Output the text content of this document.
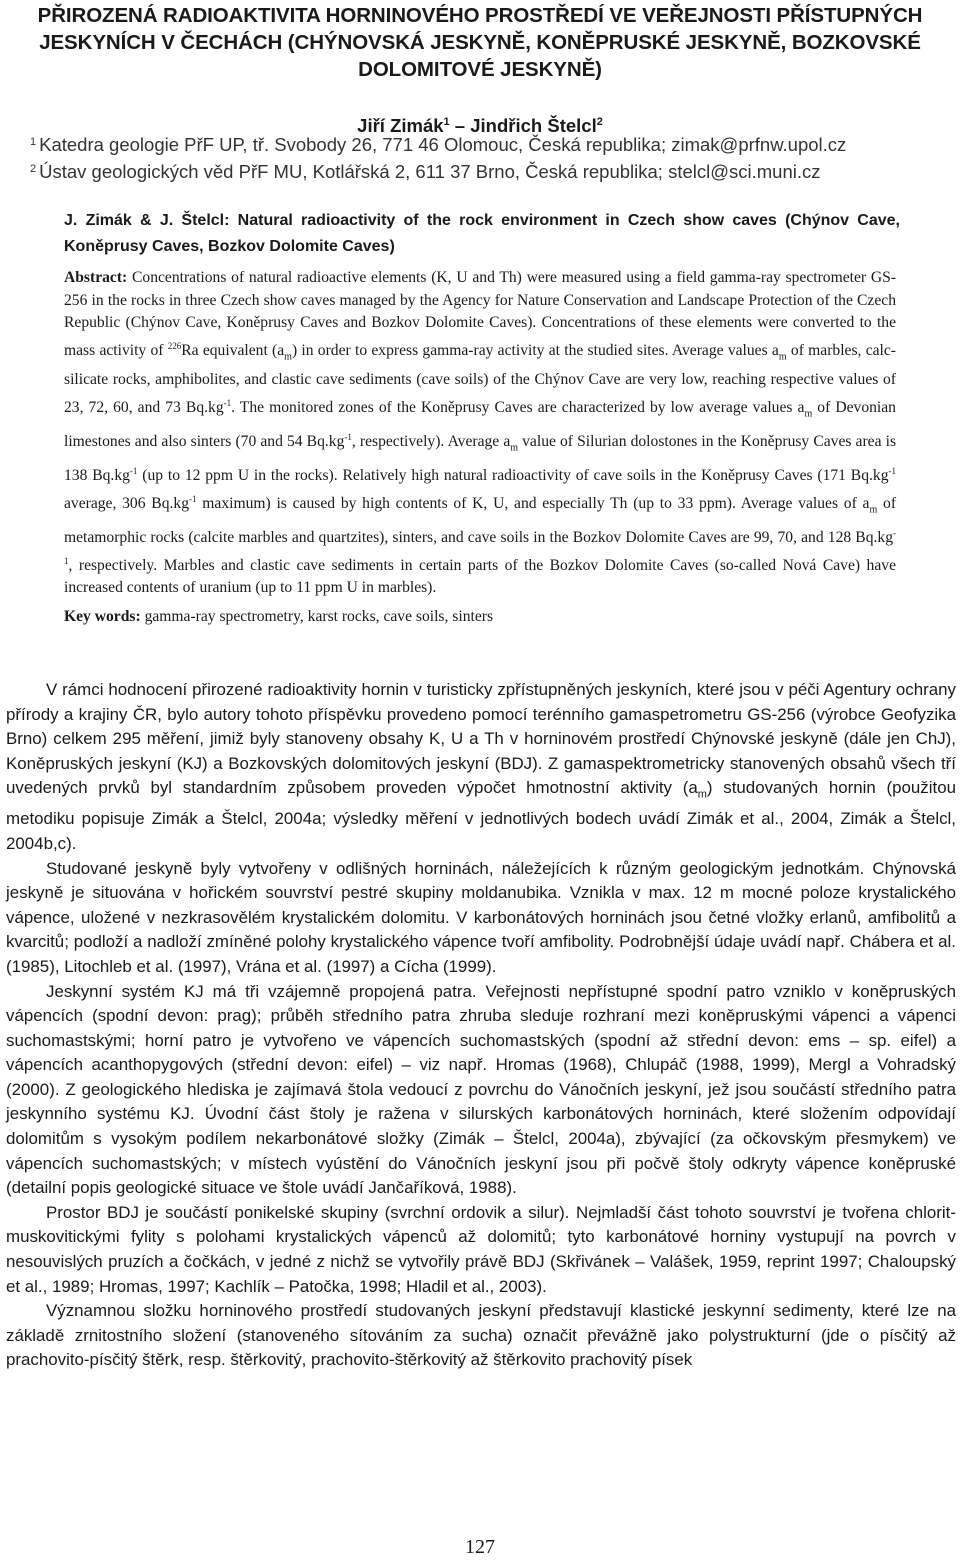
PŘIROZENÁ RADIOAKTIVITA HORNINOVÉHO PROSTŘEDÍ VE VEŘEJNOSTI PŘÍSTUPNÝCH JESKYNÍCH V ČECHÁCH (CHÝNOVSKÁ JESKYNĚ, KONĚPRUSKÉ JESKYNĚ, BOZKOVSKÉ DOLOMITOVÉ JESKYNĚ)
Jiří Zimák$^1$ – Jindřich Štelcl$^2$
$^1$ Katedra geologie PřF UP, tř. Svobody 26, 771 46 Olomouc, Česká republika; zimak@prfnw.upol.cz
$^2$ Ústav geologických věd PřF MU, Kotlářská 2, 611 37 Brno, Česká republika; stelcl@sci.muni.cz
J. Zimák & J. Štelcl: Natural radioactivity of the rock environment in Czech show caves (Chýnov Cave, Koněprusy Caves, Bozkov Dolomite Caves)
Abstract: Concentrations of natural radioactive elements (K, U and Th) were measured using a field gamma-ray spectrometer GS-256 in the rocks in three Czech show caves managed by the Agency for Nature Conservation and Landscape Protection of the Czech Republic (Chýnov Cave, Koněprusy Caves and Bozkov Dolomite Caves). Concentrations of these elements were converted to the mass activity of $^{226}$Ra equivalent $(a_m)$ in order to express gamma-ray activity at the studied sites. Average values $a_m$ of marbles, calc-silicate rocks, amphibolites, and clastic cave sediments (cave soils) of the Chýnov Cave are very low, reaching respective values of 23, 72, 60, and 73 $Bq.kg^{-1}$. The monitored zones of the Koněprusy Caves are characterized by low average values $a_m$ of Devonian limestones and also sinters (70 and 54 $Bq.kg^{-1}$, respectively). Average $a_m$ value of Silurian dolostones in the Koněprusy Caves area is 138 $Bq.kg^{-1}$ (up to 12 ppm U in the rocks). Relatively high natural radioactivity of cave soils in the Koněprusy Caves (171 $Bq.kg^{-1}$ average, 306 $Bq.kg^{-1}$ maximum) is caused by high contents of K, U, and especially Th (up to 33 ppm). Average values of $a_m$ of metamorphic rocks (calcite marbles and quartzites), sinters, and cave soils in the Bozkov Dolomite Caves are 99, 70, and 128 $Bq.kg^{-1}$, respectively. Marbles and clastic cave sediments in certain parts of the Bozkov Dolomite Caves (so-called Nová Cave) have increased contents of uranium (up to 11 ppm U in marbles).
Key words: gamma-ray spectrometry, karst rocks, cave soils, sinters

V rámci hodnocení přirozené radioaktivity hornin v turisticky zpřístupněných jeskyních, které jsou v péči Agentury ochrany přírody a krajiny ČR, bylo autory tohoto příspěvku provedeno pomocí terénního gamaspetrometru GS-256 (výrobce Geofyzika Brno) celkem 295 měření, jimiž byly stanoveny obsahy K, U a Th v horninovém prostředí Chýnovské jeskyně (dále jen ChJ), Koněpruských jeskyní (KJ) a Bozkovských dolomitových jeskyní (BDJ). Z gamaspektrometricky stanovených obsahů všech tří uvedených prvků byl standardním způsobem proveden výpočet hmotnostní aktivity $(a_m)$ studovaných hornin (použitou metodiku popisuje Zimák a Štelcl, 2004a; výsledky měření v jednotlivých bodech uvádí Zimák et al., 2004, Zimák a Štelcl, 2004b,c).

Studované jeskyně byly vytvořeny v odlišných horninách, náležejících k různým geologickým jednotkám. Chýnovská jeskyně je situována v hořickém souvrství pestré skupiny moldanubika. Vznikla v max. 12 m mocné poloze krystalického vápence, uložené v nezkrasovělém krystalickém dolomitu. V karbonátových horninách jsou četné vložky erlanů, amfibolitů a kvarcitů; podloží a nadloží zmíněné polohy krystalického vápence tvoří amfibolity. Podrobnější údaje uvádí např. Chábera et al. (1985), Litochleb et al. (1997), Vrána et al. (1997) a Cícha (1999).

Jeskynní systém KJ má tři vzájemně propojená patra. Veřejnosti nepřístupné spodní patro vzniklo v koněpruských vápencích (spodní devon: prag); průběh středního patra zhruba sleduje rozhraní mezi koněpruskými vápenci a vápenci suchomastskými; horní patro je vytvořeno ve vápencích suchomastských (spodní až střední devon: ems – sp. eifel) a vápencích acanthopygových (střední devon: eifel) – viz např. Hromas (1968), Chlupáč (1988, 1999), Mergl a Vohradský (2000). Z geologického hlediska je zajímavá štola vedoucí z povrchu do Vánočních jeskyní, jež jsou součástí středního patra jeskynního systému KJ. Úvodní část štoly je ražena v silurských karbonátových horninách, které složením odpovídají dolomitům s vysokým podílem nekarbonátové složky (Zimák – Štelcl, 2004a), zbývající (za očkovským přesmykem) ve vápencích suchomastských; v místech vyústění do Vánočních jeskyní jsou při počvě štoly odkryty vápence koněpruské (detailní popis geologické situace ve štole uvádí Jančaříková, 1988).

Prostor BDJ je součástí ponikelské skupiny (svrchní ordovik a silur). Nejmladší část tohoto souvrství je tvořena chlorit-muskovitickými fylity s polohami krystalických vápenců až dolomitů; tyto karbonátové horniny vystupují na povrch v nesouvislých pruzích a čočkách, v jedné z nichž se vytvořily právě BDJ (Skřivánek – Valášek, 1959, reprint 1997; Chaloupský et al., 1989; Hromas, 1997; Kachlík – Patočka, 1998; Hladil et al., 2003).

Významnou složku horninového prostředí studovaných jeskyní představují klastické jeskynní sedimenty, které lze na základě zrnitostního složení (stanoveného sítováním za sucha) označit převážně jako polystrukturní (jde o písčitý až prachovito-písčitý štěrk, resp. štěrkovitý, prachovito-štěrkovitý až štěrkovito prachovitý písek

127
